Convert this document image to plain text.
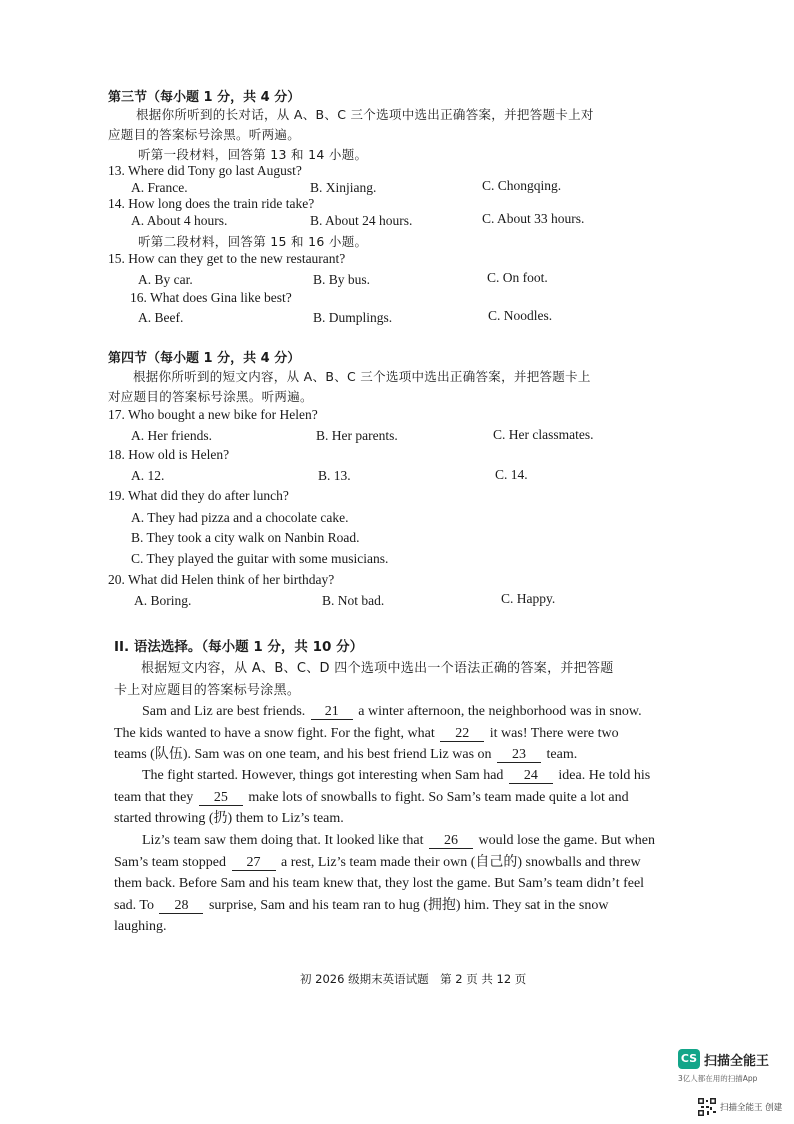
第三节（每小题 1 分，共 4 分）
根据你所听到的长对话，从 A、B、C 三个选项中选出正确答案，并把答题卡上对
应题目的答案标号涂黑。听两遍。
听第一段材料，回答第 13 和 14 小题。
13. Where did Tony go last August?
A. France.	B. Xinjiang.	C. Chongqing.
14. How long does the train ride take?
A. About 4 hours.	B. About 24 hours.	C. About 33 hours.
听第二段材料，回答第 15 和 16 小题。
15. How can they get to the new restaurant?
A. By car.	B. By bus.	C. On foot.
16. What does Gina like best?
A. Beef.	B. Dumplings.	C. Noodles.
第四节（每小题 1 分，共 4 分）
根据你所听到的短文内容，从 A、B、C 三个选项中选出正确答案，并把答题卡上
对应题目的答案标号涂黑。听两遍。
17. Who bought a new bike for Helen?
A. Her friends.	B. Her parents.	C. Her classmates.
18. How old is Helen?
A. 12.	B. 13.	C. 14.
19. What did they do after lunch?
A. They had pizza and a chocolate cake.
B. They took a city walk on Nanbin Road.
C. They played the guitar with some musicians.
20. What did Helen think of her birthday?
A. Boring.	B. Not bad.	C. Happy.
II. 语法选择。（每小题 1 分，共 10 分）
根据短文内容，从 A、B、C、D 四个选项中选出一个语法正确的答案，并把答题
卡上对应题目的答案标号涂黑。
Sam and Liz are best friends. 21 a winter afternoon, the neighborhood was in snow.
The kids wanted to have a snow fight. For the fight, what 22 it was! There were two
teams (队伍). Sam was on one team, and his best friend Liz was on 23 team.
The fight started. However, things got interesting when Sam had 24 idea. He told his
team that they 25 make lots of snowballs to fight. So Sam’s team made quite a lot and
started throwing (扔) them to Liz’s team.
Liz’s team saw them doing that. It looked like that 26 would lose the game. But when
Sam’s team stopped 27 a rest, Liz’s team made their own (自己的) snowballs and threw
them back. Before Sam and his team knew that, they lost the game. But Sam’s team didn’t feel
sad. To 28 surprise, Sam and his team ran to hug (拥抱) him. They sat in the snow
laughing.
初 2026 级期末英语试题　第 2 页 共 12 页
CS 扫描全能王
3亿人都在用的扫描App
扫描全能王 创建
